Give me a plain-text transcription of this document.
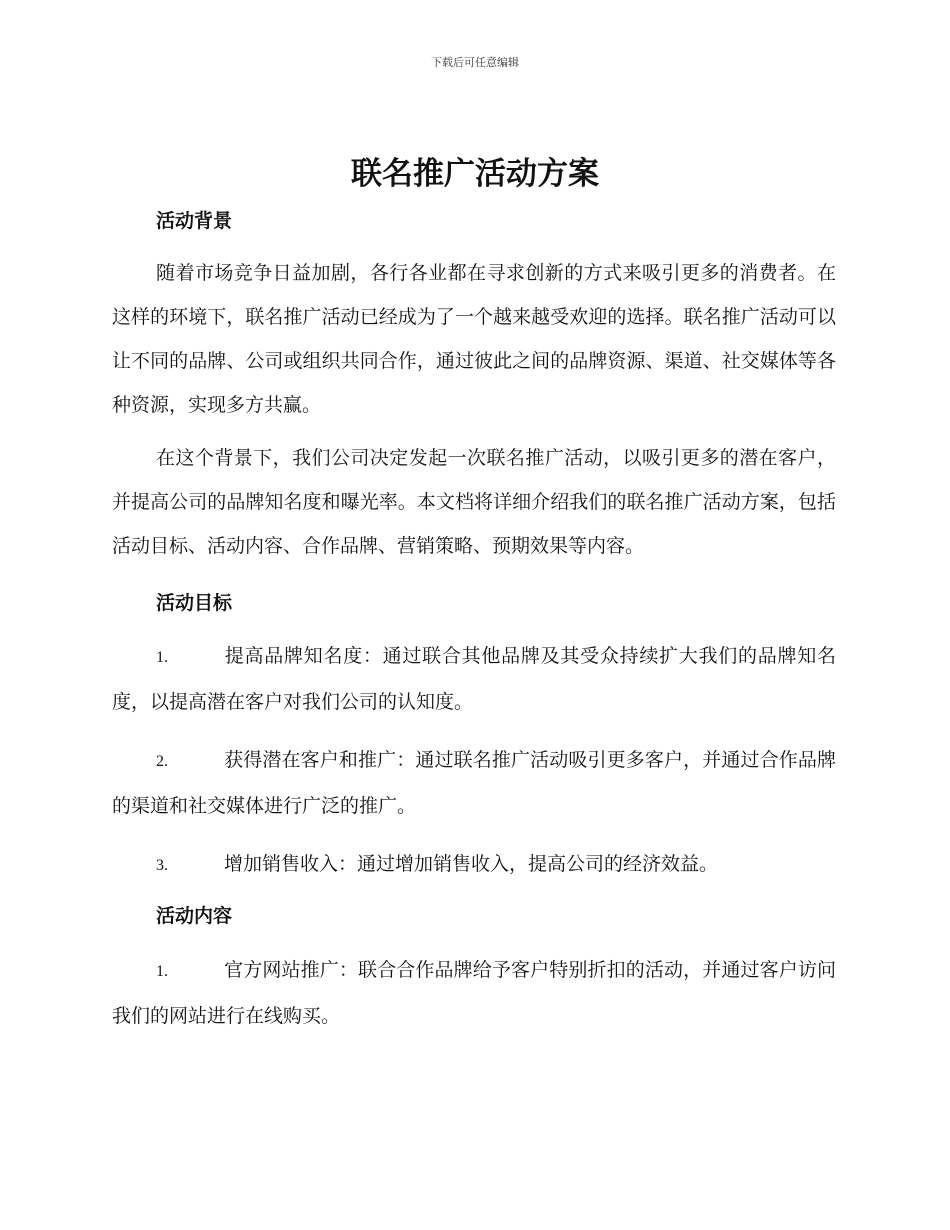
下载后可任意编辑
联名推广活动方案
活动背景

随着市场竞争日益加剧，各行各业都在寻求创新的方式来吸引更多的消费者。在这样的环境下，联名推广活动已经成为了一个越来越受欢迎的选择。联名推广活动可以让不同的品牌、公司或组织共同合作，通过彼此之间的品牌资源、渠道、社交媒体等各种资源，实现多方共赢。

在这个背景下，我们公司决定发起一次联名推广活动，以吸引更多的潜在客户，并提高公司的品牌知名度和曝光率。本文档将详细介绍我们的联名推广活动方案，包括活动目标、活动内容、合作品牌、营销策略、预期效果等内容。

活动目标

1.	提高品牌知名度：通过联合其他品牌及其受众持续扩大我们的品牌知名度，以提高潜在客户对我们公司的认知度。

2.	获得潜在客户和推广：通过联名推广活动吸引更多客户，并通过合作品牌的渠道和社交媒体进行广泛的推广。

3.	增加销售收入：通过增加销售收入，提高公司的经济效益。

活动内容

1.	官方网站推广：联合合作品牌给予客户特别折扣的活动，并通过客户访问我们的网站进行在线购买。
